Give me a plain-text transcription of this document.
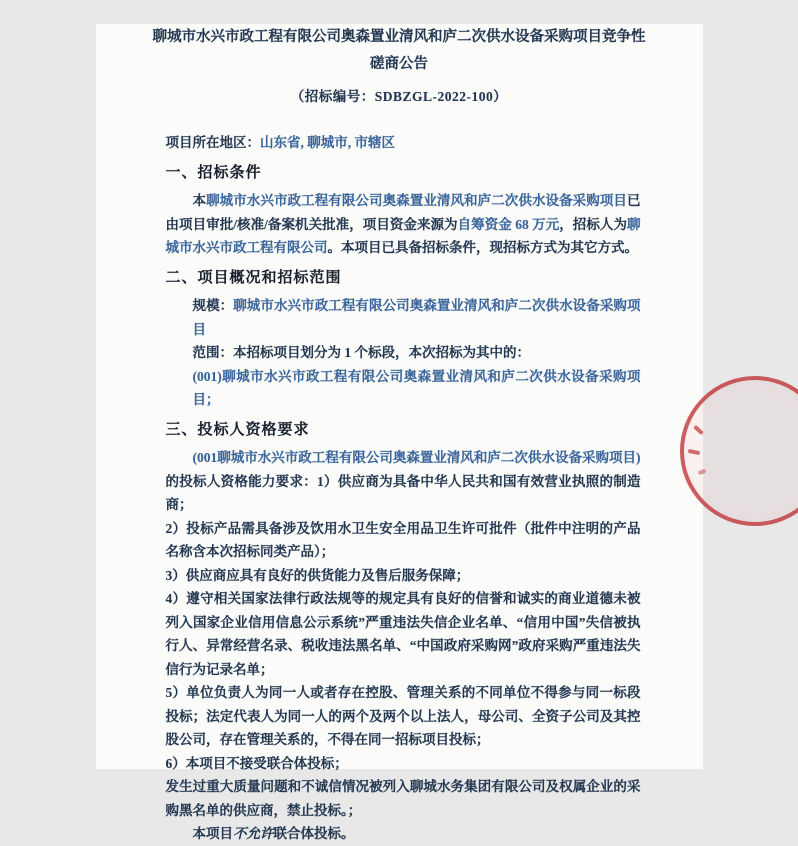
聊城市水兴市政工程有限公司奥森置业清风和庐二次供水设备采购项目竞争性磋商公告
（招标编号：SDBZGL-2022-100）

项目所在地区：山东省, 聊城市, 市辖区

一、招标条件

本聊城市水兴市政工程有限公司奥森置业清风和庐二次供水设备采购项目已由项目审批/核准/备案机关批准，项目资金来源为自筹资金 68 万元，招标人为聊城市水兴市政工程有限公司。本项目已具备招标条件，现招标方式为其它方式。

二、项目概况和招标范围

规模：聊城市水兴市政工程有限公司奥森置业清风和庐二次供水设备采购项目

范围：本招标项目划分为 1 个标段，本次招标为其中的：

(001)聊城市水兴市政工程有限公司奥森置业清风和庐二次供水设备采购项目；

三、投标人资格要求

(001聊城市水兴市政工程有限公司奥森置业清风和庐二次供水设备采购项目)的投标人资格能力要求：1）供应商为具备中华人民共和国有效营业执照的制造商；

2）投标产品需具备涉及饮用水卫生安全用品卫生许可批件（批件中注明的产品名称含本次招标同类产品）；

3）供应商应具有良好的供货能力及售后服务保障；

4）遵守相关国家法律行政法规等的规定具有良好的信誉和诚实的商业道德未被列入国家企业信用信息公示系统”严重违法失信企业名单、“信用中国”失信被执行人、异常经营名录、税收违法黑名单、“中国政府采购网”政府采购严重违法失信行为记录名单；

5）单位负责人为同一人或者存在控股、管理关系的不同单位不得参与同一标段投标；法定代表人为同一人的两个及两个以上法人，母公司、全资子公司及其控股公司，存在管理关系的，不得在同一招标项目投标；

6）本项目不接受联合体投标；

发生过重大质量问题和不诚信情况被列入聊城水务集团有限公司及权属企业的采购黑名单的供应商，禁止投标。；

本项目不允许联合体投标。
